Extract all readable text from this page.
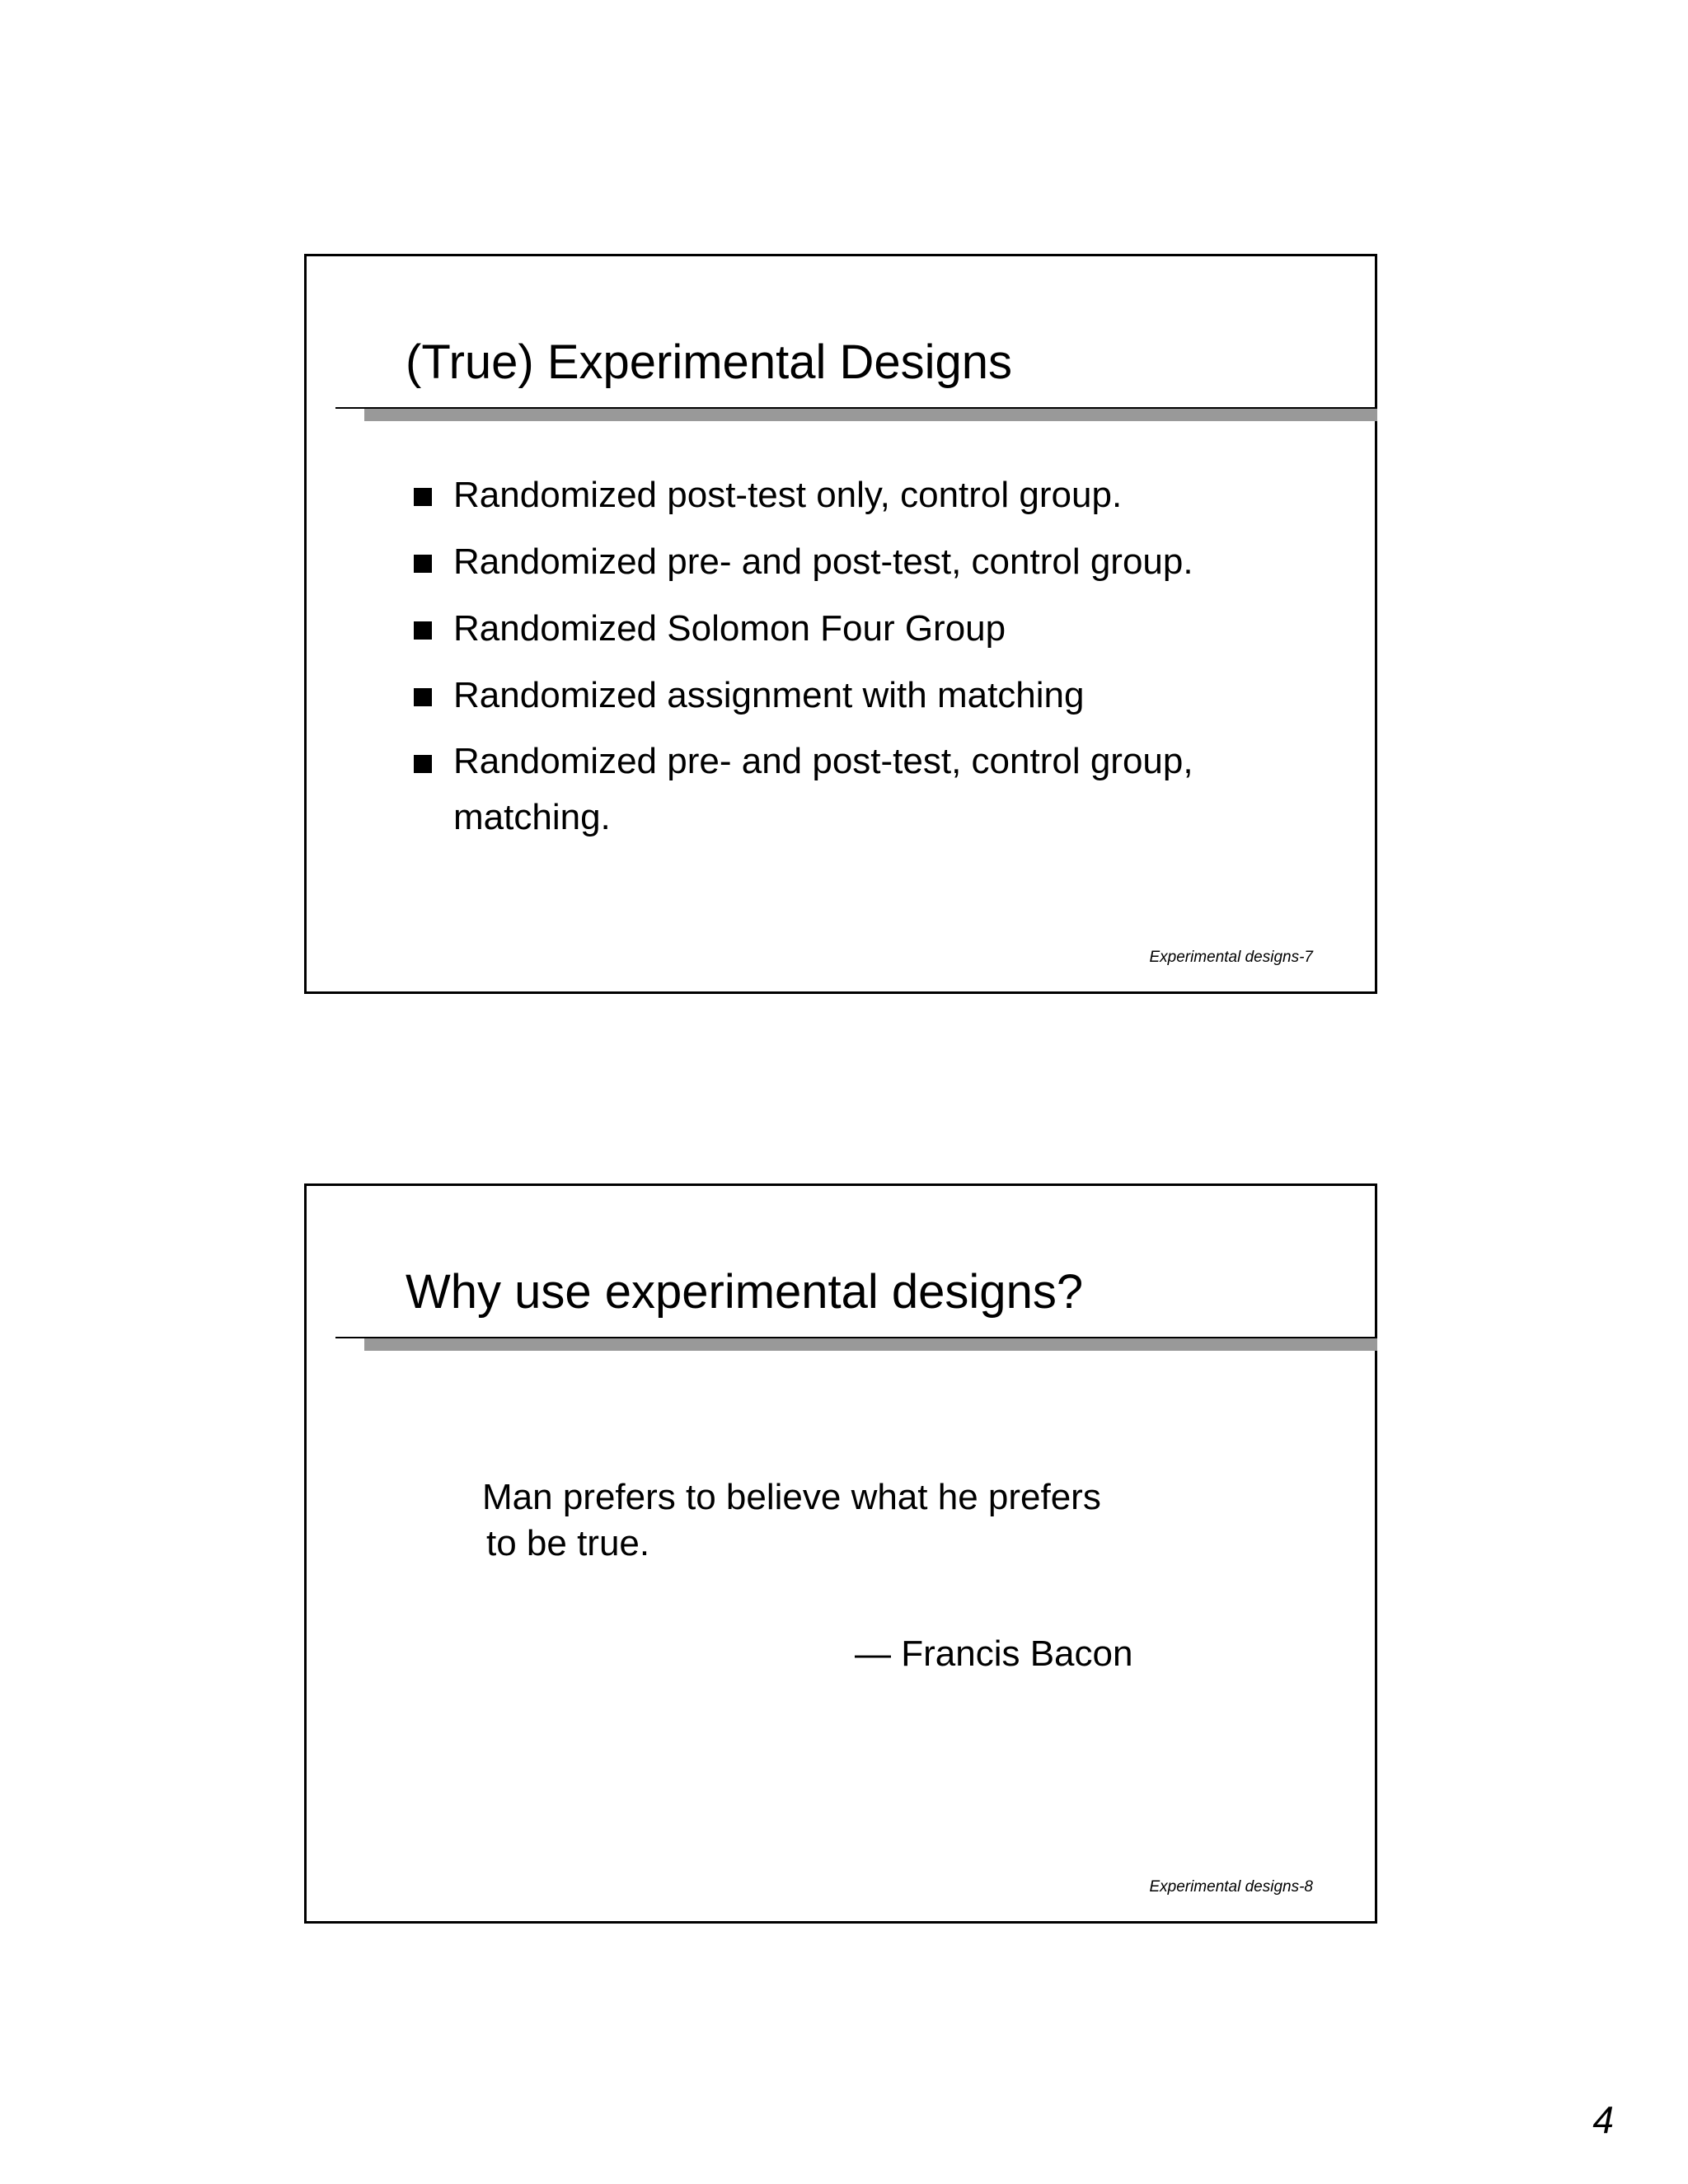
(True) Experimental Designs
Randomized post-test only, control group.
Randomized pre- and post-test, control group.
Randomized Solomon Four Group
Randomized assignment with matching
Randomized pre- and post-test, control group, matching.
Experimental designs-7
Why use experimental designs?

Man prefers to believe what he prefers
to be true.

— Francis Bacon

Experimental designs-8
4
